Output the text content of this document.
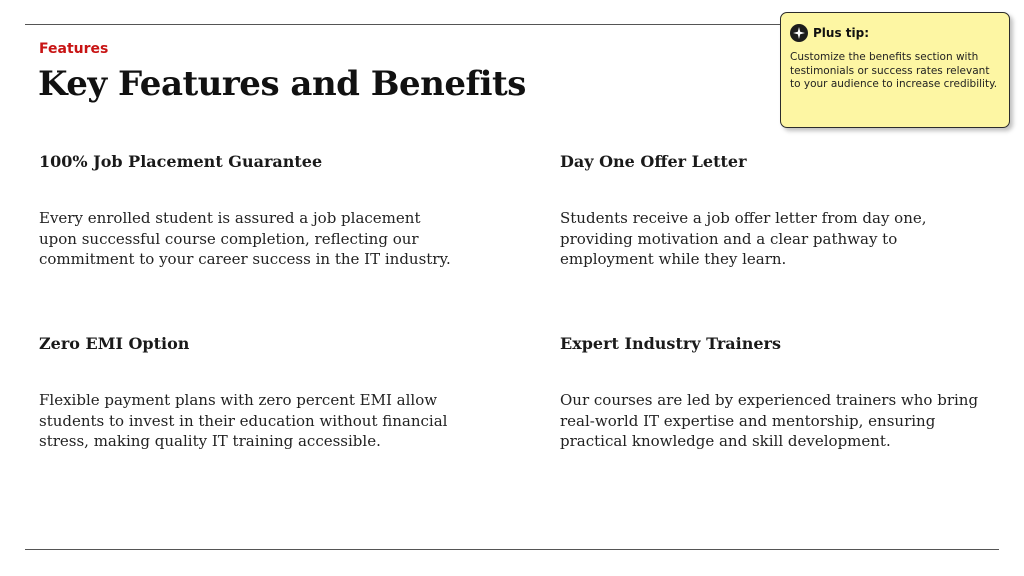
Features
Key Features and Benefits
100% Job Placement Guarantee

Every enrolled student is assured a job placement upon successful course completion, reflecting our commitment to your career success in the IT industry.

Day One Offer Letter

Students receive a job offer letter from day one, providing motivation and a clear pathway to employment while they learn.

Zero EMI Option

Flexible payment plans with zero percent EMI allow students to invest in their education without financial stress, making quality IT training accessible.

Expert Industry Trainers

Our courses are led by experienced trainers who bring real-world IT expertise and mentorship, ensuring practical knowledge and skill development.

Plus tip:

Customize the benefits section with testimonials or success rates relevant to your audience to increase credibility.
